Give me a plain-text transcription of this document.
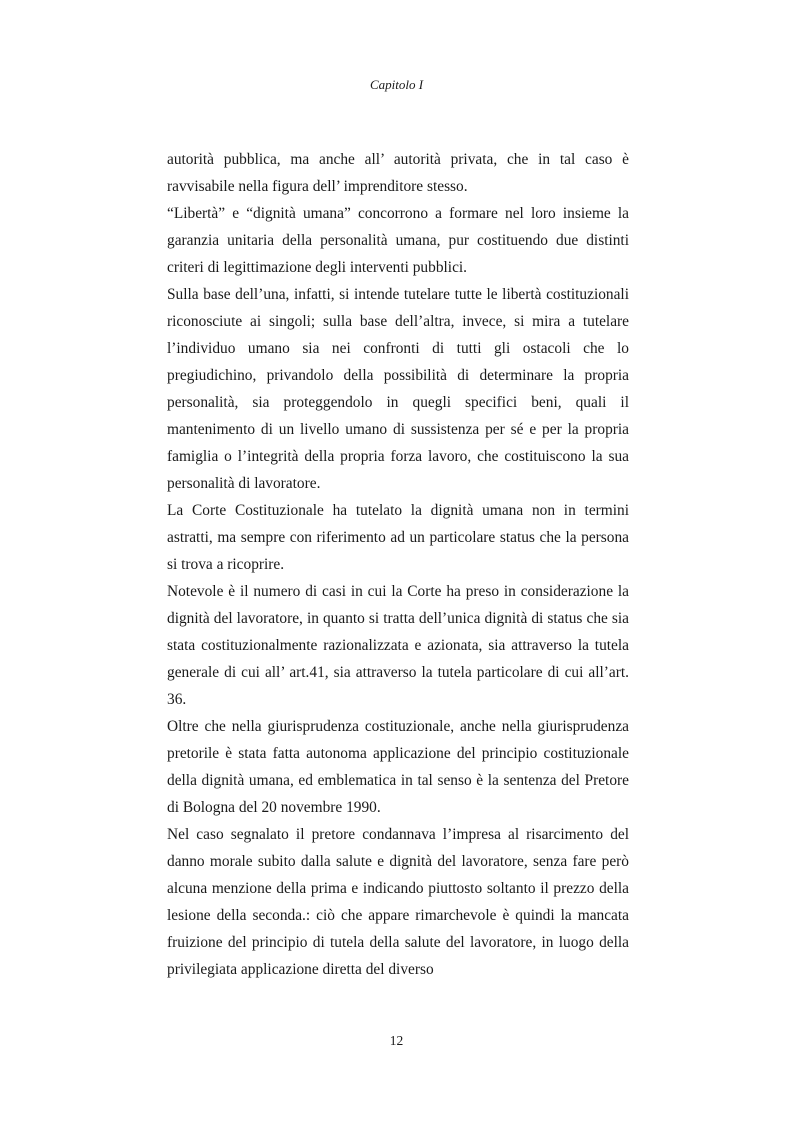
Capitolo I

autorità pubblica, ma anche all’ autorità privata, che in tal caso è ravvisabile nella figura dell’ imprenditore stesso.

“Libertà” e “dignità umana” concorrono a formare nel loro insieme la garanzia unitaria della personalità umana, pur costituendo due distinti criteri di legittimazione degli interventi pubblici.

Sulla base dell’una, infatti, si intende tutelare tutte le libertà costituzionali riconosciute ai singoli; sulla base dell’altra, invece, si mira a tutelare l’individuo umano sia nei confronti di tutti gli ostacoli che lo pregiudichino, privandolo della possibilità di determinare la propria personalità, sia proteggendolo in quegli specifici beni, quali il mantenimento di un livello umano di sussistenza per sé e per la propria famiglia o l’integrità della propria forza lavoro, che costituiscono la sua personalità di lavoratore.

La Corte Costituzionale ha tutelato la dignità umana non in termini astratti, ma sempre con riferimento ad un particolare status che la persona si trova a ricoprire.

Notevole è il numero di casi in cui la Corte ha preso in considerazione la dignità del lavoratore, in quanto si tratta dell’unica dignità di status che sia stata costituzionalmente razionalizzata e azionata, sia attraverso la tutela generale di cui all’ art.41, sia attraverso la tutela particolare di cui all’art. 36.

Oltre che nella giurisprudenza costituzionale, anche nella giurisprudenza pretorile è stata fatta autonoma applicazione del principio costituzionale della dignità umana, ed emblematica in tal senso è la sentenza del Pretore di Bologna del 20 novembre 1990.

Nel caso segnalato il pretore condannava l’impresa al risarcimento del danno morale subito dalla salute e dignità del lavoratore, senza fare però alcuna menzione della prima e indicando piuttosto soltanto il prezzo della lesione della seconda.: ciò che appare rimarchevole è quindi la mancata fruizione del principio di tutela della salute del lavoratore, in luogo della privilegiata applicazione diretta del diverso

12
